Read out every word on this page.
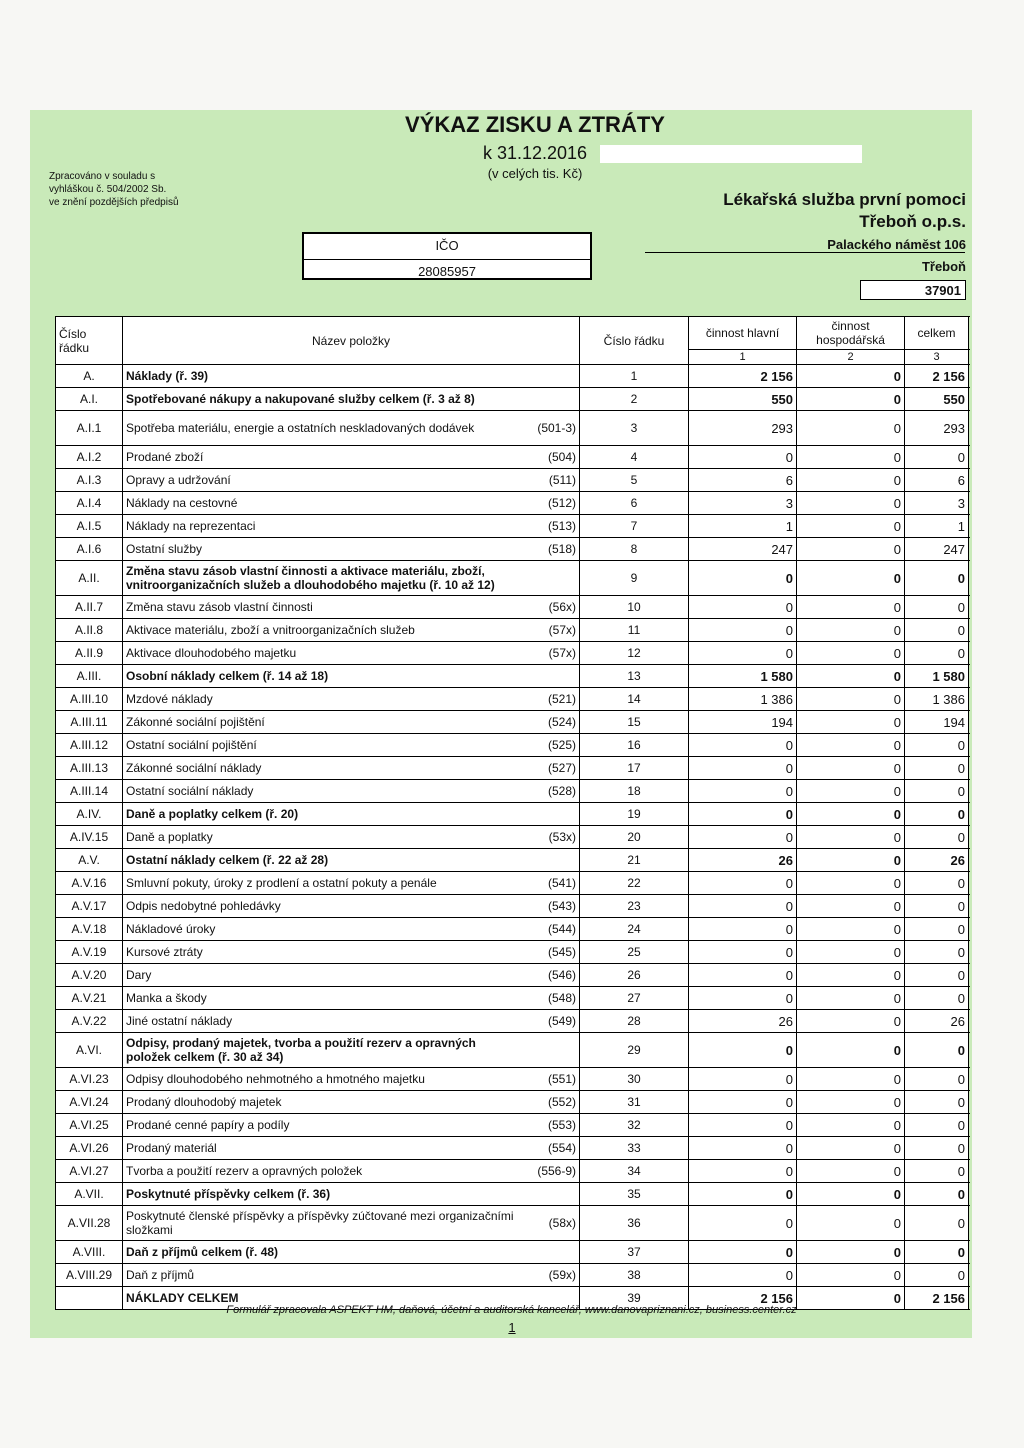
Zpracováno v souladu s
vyhláškou č. 504/2002 Sb.
ve znění pozdějších předpisů
VÝKAZ ZISKU A ZTRÁTY
k 31.12.2016
(v celých tis. Kč)
IČO
28085957
Lékařská služba první pomoci
Třeboň o.p.s.
Palackého náměst 106
Třeboň
37901
Číslo řádku	Název položky		Číslo řádku	činnost hlavní	činnost hospodářská	celkem
				1	2	3
A.	Náklady (ř. 39)		1	2 156	0	2 156
A.I.	Spotřebované nákupy a nakupované služby celkem (ř. 3 až 8)		2	550	0	550
A.I.1	Spotřeba materiálu, energie a ostatních neskladovaných dodávek	(501-3)	3	293	0	293
A.I.2	Prodané zboží	(504)	4	0	0	0
A.I.3	Opravy a udržování	(511)	5	6	0	6
A.I.4	Náklady na cestovné	(512)	6	3	0	3
A.I.5	Náklady na reprezentaci	(513)	7	1	0	1
A.I.6	Ostatní služby	(518)	8	247	0	247
A.II.	Změna stavu zásob vlastní činnosti a aktivace materiálu, zboží, vnitroorganizačních služeb a dlouhodobého majetku (ř. 10 až 12)		9	0	0	0
A.II.7	Změna stavu zásob vlastní činnosti	(56x)	10	0	0	0
A.II.8	Aktivace materiálu, zboží a vnitroorganizačních služeb	(57x)	11	0	0	0
A.II.9	Aktivace dlouhodobého majetku	(57x)	12	0	0	0
A.III.	Osobní náklady celkem (ř. 14 až 18)		13	1 580	0	1 580
A.III.10	Mzdové náklady	(521)	14	1 386	0	1 386
A.III.11	Zákonné sociální pojištění	(524)	15	194	0	194
A.III.12	Ostatní sociální pojištění	(525)	16	0	0	0
A.III.13	Zákonné sociální náklady	(527)	17	0	0	0
A.III.14	Ostatní sociální náklady	(528)	18	0	0	0
A.IV.	Daně a poplatky celkem (ř. 20)		19	0	0	0
A.IV.15	Daně a poplatky	(53x)	20	0	0	0
A.V.	Ostatní náklady celkem (ř. 22 až 28)		21	26	0	26
A.V.16	Smluvní pokuty, úroky z prodlení a ostatní pokuty a penále	(541)	22	0	0	0
A.V.17	Odpis nedobytné pohledávky	(543)	23	0	0	0
A.V.18	Nákladové úroky	(544)	24	0	0	0
A.V.19	Kursové ztráty	(545)	25	0	0	0
A.V.20	Dary	(546)	26	0	0	0
A.V.21	Manka a škody	(548)	27	0	0	0
A.V.22	Jiné ostatní náklady	(549)	28	26	0	26
A.VI.	Odpisy, prodaný majetek, tvorba a použití rezerv a opravných položek celkem (ř. 30 až 34)		29	0	0	0
A.VI.23	Odpisy dlouhodobého nehmotného a hmotného majetku	(551)	30	0	0	0
A.VI.24	Prodaný dlouhodobý majetek	(552)	31	0	0	0
A.VI.25	Prodané cenné papíry a podíly	(553)	32	0	0	0
A.VI.26	Prodaný materiál	(554)	33	0	0	0
A.VI.27	Tvorba a použití rezerv a opravných položek	(556-9)	34	0	0	0
A.VII.	Poskytnuté příspěvky celkem (ř. 36)		35	0	0	0
A.VII.28	Poskytnuté členské příspěvky a příspěvky zúčtované mezi organizačními složkami	(58x)	36	0	0	0
A.VIII.	Daň z příjmů celkem (ř. 48)		37	0	0	0
A.VIII.29	Daň z příjmů	(59x)	38	0	0	0
	NÁKLADY CELKEM		39	2 156	0	2 156
Formulář zpracovala ASPEKT HM, daňová, účetní a auditorská kancelář, www.danovapriznani.cz, business.center.cz
1
